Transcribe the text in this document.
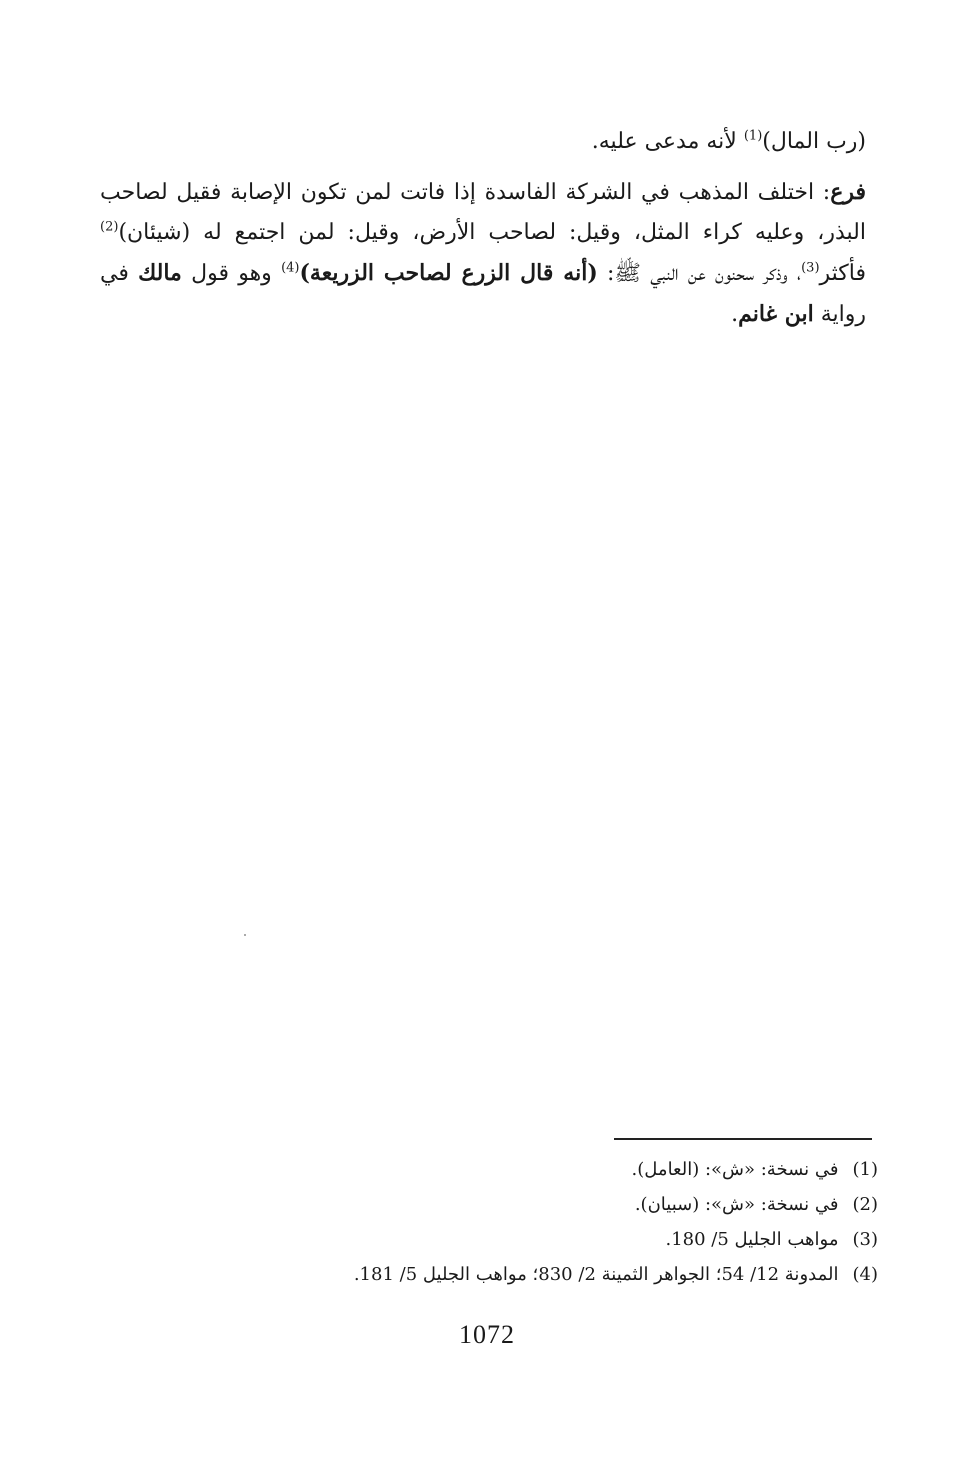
(رب المال)$^{(1)}$ لأنه مدعى عليه.

فرع: اختلف المذهب في الشركة الفاسدة إذا فاتت لمن تكون الإصابة فقيل لصاحب البذر، وعليه كراء المثل، وقيل: لصاحب الأرض، وقيل: لمن اجتمع له (شيئان)$^{(2)}$ فأكثر$^{(3)}$، وذكر سحنون عن النبي ﷺ: (أنه قال الزرع لصاحب الزريعة)$^{(4)}$ وهو قول مالك في رواية ابن غانم.

(1)في نسخة: «ش»: (العامل).
(2)في نسخة: «ش»: (سبيان).
(3)مواهب الجليل 5/ 180.
(4)المدونة 12/ 54؛ الجواهر الثمينة 2/ 830؛ مواهب الجليل 5/ 181.
1072
